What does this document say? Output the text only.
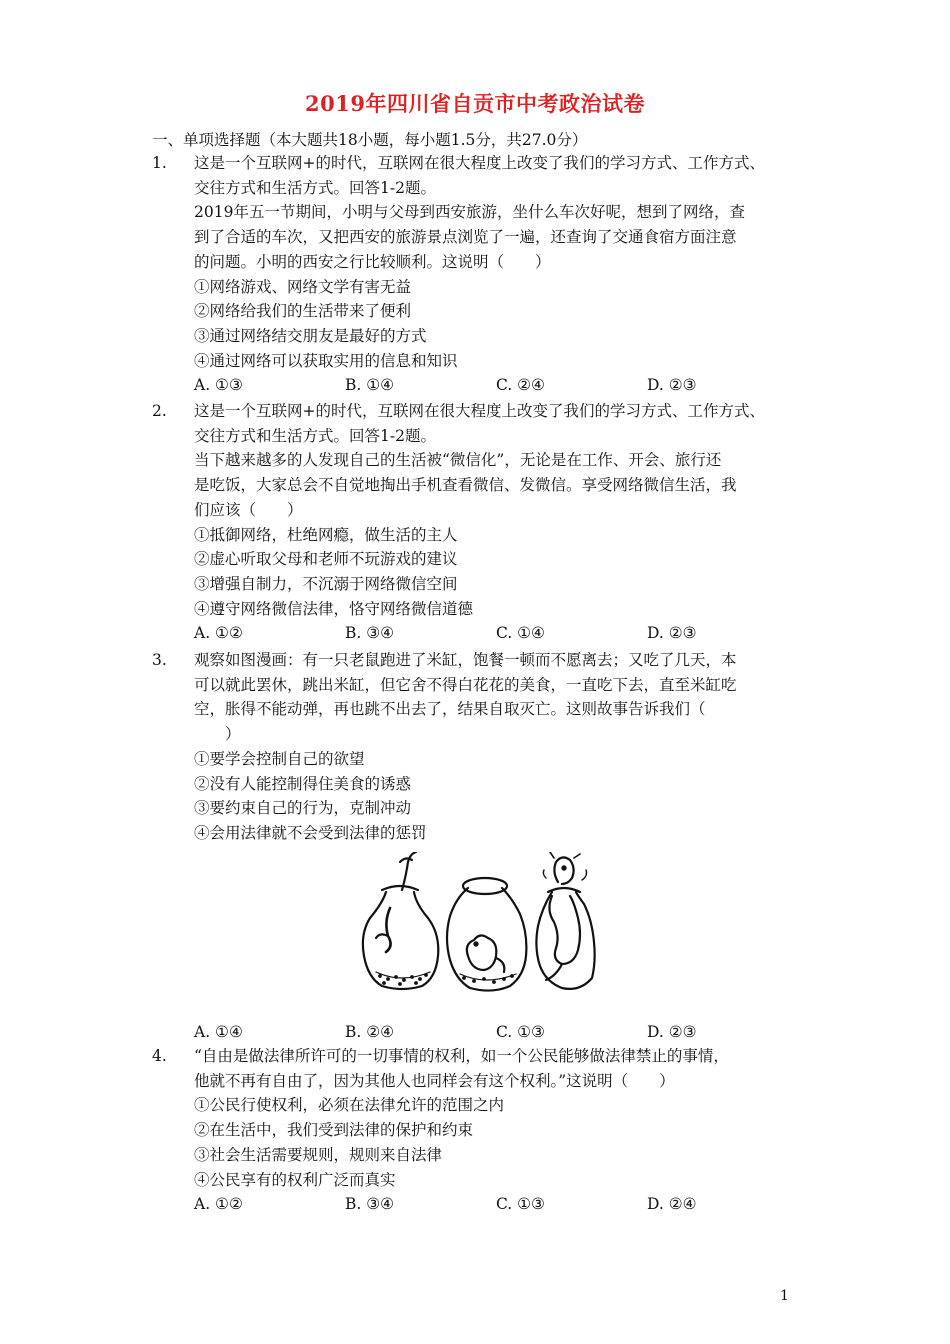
2019年四川省自贡市中考政治试卷
一、单项选择题（本大题共18小题，每小题1.5分，共27.0分）
1.	这是一个互联网+的时代，互联网在很大程度上改变了我们的学习方式、工作方式、
交往方式和生活方式。回答1-2题。
2019年五一节期间，小明与父母到西安旅游，坐什么车次好呢，想到了网络，查
到了合适的车次，又把西安的旅游景点浏览了一遍，还查询了交通食宿方面注意
的问题。小明的西安之行比较顺利。这说明（　　）
①网络游戏、网络文学有害无益
②网络给我们的生活带来了便利
③通过网络结交朋友是最好的方式
④通过网络可以获取实用的信息和知识
A. ①③	B. ①④	C. ②④	D. ②③
2.	这是一个互联网+的时代，互联网在很大程度上改变了我们的学习方式、工作方式、
交往方式和生活方式。回答1-2题。
当下越来越多的人发现自己的生活被“微信化”，无论是在工作、开会、旅行还
是吃饭，大家总会不自觉地掏出手机查看微信、发微信。享受网络微信生活，我
们应该（　　）
①抵御网络，杜绝网瘾，做生活的主人
②虚心听取父母和老师不玩游戏的建议
③增强自制力，不沉溺于网络微信空间
④遵守网络微信法律，恪守网络微信道德
A. ①②	B. ③④	C. ①④	D. ②③
3.	观察如图漫画：有一只老鼠跑进了米缸，饱餐一顿而不愿离去；又吃了几天，本
可以就此罢休，跳出米缸，但它舍不得白花花的美食，一直吃下去，直至米缸吃
空，胀得不能动弹，再也跳不出去了，结果自取灭亡。这则故事告诉我们（
　　）
①要学会控制自己的欲望
②没有人能控制得住美食的诱惑
③要约束自己的行为，克制冲动
④会用法律就不会受到法律的惩罚
A. ①④	B. ②④	C. ①③	D. ②③
4.	“自由是做法律所许可的一切事情的权利，如一个公民能够做法律禁止的事情，
他就不再有自由了，因为其他人也同样会有这个权利。”这说明（　　）
①公民行使权利，必须在法律允许的范围之内
②在生活中，我们受到法律的保护和约束
③社会生活需要规则，规则来自法律
④公民享有的权利广泛而真实
A. ①②	B. ③④	C. ①③	D. ②④
1
